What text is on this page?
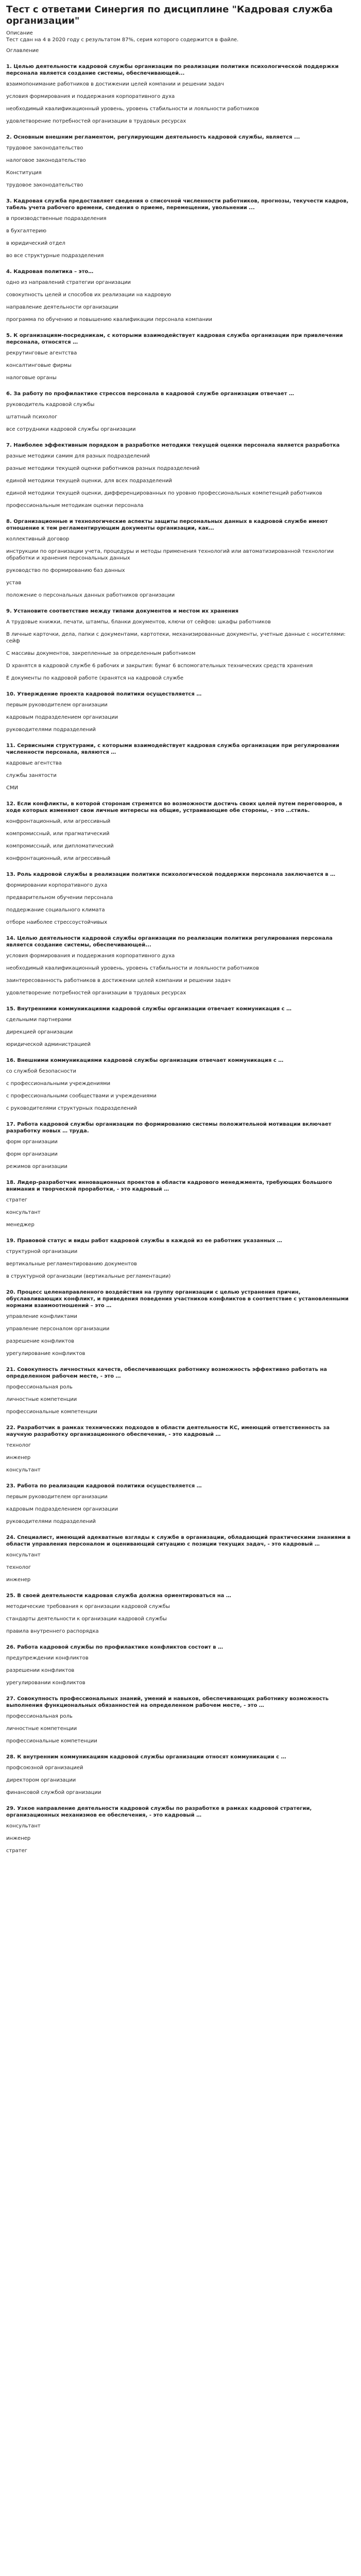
Тест с ответами Синергия по дисциплине "Кадровая служба организации"

Описание

Тест сдан на 4 в 2020 году с результатом 87%, серия которого содержится в файле.

Оглавление

1. Целью деятельности кадровой службы организации по реализации политики психологической поддержки персонала является создание системы, обеспечивающей...

взаимопонимание работников в достижении целей компании и решении задач

условия формирования и поддержания корпоративного духа

необходимый квалификационный уровень, уровень стабильности и лояльности работников

удовлетворение потребностей организации в трудовых ресурсах

2. Основным внешним регламентом, регулирующим деятельность кадровой службы, является ...

трудовое законодательство

налоговое законодательство

Конституция

трудовое законодательство

3. Кадровая служба предоставляет сведения о списочной численности работников, прогнозы, текучести кадров, табель учета рабочего времени, сведения о приеме, перемещении, увольнении ...

в производственные подразделения

в бухгалтерию

в юридический отдел

во все структурные подразделения

4. Кадровая политика – это…

одно из направлений стратегии организации

совокупность целей и способов их реализации на кадровую

направление деятельности организации

программа по обучению и повышению квалификации персонала компании

5. К организациям-посредникам, с которыми взаимодействует кадровая служба организации при привлечении персонала, относятся …

рекрутинговые агентства

консалтинговые фирмы

налоговые органы

6. За работу по профилактике стрессов персонала в кадровой службе организации отвечает …

руководитель кадровой службы

штатный психолог

все сотрудники кадровой службы организации

7. Наиболее эффективным порядком в разработке методики текущей оценки персонала является разработка

разные методики самим для разных подразделений

разные методики текущей оценки работников разных подразделений

единой методики текущей оценки, для всех подразделений

единой методики текущей оценки, дифференцированных по уровню профессиональных компетенций работников

профессиональным методикам оценки персонала

8. Организационные и технологические аспекты защиты персональных данных в кадровой службе имеют отношение к тем регламентирующим документы организации, как…

коллективный договор

инструкции по организации учета, процедуры и методы применения технологий или автоматизированной технологии обработки и хранения персональных данных

руководство по формированию баз данных

устав

положение о персональных данных работников организации

9. Установите соответствие между типами документов и местом их хранения

A трудовые книжки, печати, штампы, бланки документов, ключи от сейфов: шкафы работников

B личные карточки, дела, папки с документами, картотеки, механизированные документы, учетные данные с носителями: сейф

C массивы документов, закрепленные за определенным работником

D хранятся в кадровой службе 6 рабочих и закрытия: бумаг 6 вспомогательных технических средств хранения

E документы по кадровой работе (хранятся на кадровой службе

10. Утверждение проекта кадровой политики осуществляется …

первым руководителем организации

кадровым подразделением организации

руководителями подразделений

11. Сервисными структурами, с которыми взаимодействует кадровая служба организации при регулировании численности персонала, являются …

кадровые агентства

службы занятости

СМИ

12. Если конфликты, в которой сторонам стремятся во возможности достичь своих целей путем переговоров, в ходе которых изменяют свои личные интересы на общие, устраивающие обе стороны, - это …стиль.

конфронтационный, или агрессивный

компромиссный, или прагматический

компромиссный, или дипломатический

конфронтационный, или агрессивный

13. Роль кадровой службы в реализации политики психологической поддержки персонала заключается в …

формировании корпоративного духа

предварительном обучении персонала

поддержание социального климата

отборе наиболее стрессоустойчивых

14. Целью деятельности кадровой службы организации по реализации политики регулирования персонала является создание системы, обеспечивающей...

условия формирования и поддержания корпоративного духа

необходимый квалификационный уровень, уровень стабильности и лояльности работников

заинтересованность работников в достижении целей компании и решении задач

удовлетворение потребностей организации в трудовых ресурсах

15. Внутренними коммуникациями кадровой службы организации отвечает коммуникация с …

сдельными партнерами

дирекцией организации

юридической администрацией

16. Внешними коммуникациями кадровой службы организации отвечает коммуникация с …

со службой безопасности

с профессиональными учреждениями

с профессиональными сообществами и учреждениями

с руководителями структурных подразделений

17. Работа кадровой службы организации по формированию системы положительной мотивации включает разработку новых … труда.

форм организации

форм организации

режимов организации

18. Лидер-разработчик инновационных проектов в области кадрового менеджмента, требующих большого внимания и творческой проработки, - это кадровый …

стратег

консультант

менеджер

19. Правовой статус и виды работ кадровой службы в каждой из ее работник указанных …

структурной организации

вертикальные регламентированию документов

в структурной организации (вертикальные регламентации)

20. Процесс целенаправленного воздействия на группу организации с целью устранения причин, обуславливающих конфликт, и приведения поведения участников конфликтов в соответствие с установленными нормами взаимоотношений – это …

управление конфликтами

управление персоналом организации

разрешение конфликтов

урегулирование конфликтов

21. Совокупность личностных качеств, обеспечивающих работнику возможность эффективно работать на определенном рабочем месте, - это …

профессиональная роль

личностные компетенции

профессиональные компетенции

22. Разработчик в рамках технических подходов в области деятельности КС, имеющий ответственность за научную разработку организационного обеспечения, - это кадровый …

технолог

инженер

консультант

23. Работа по реализации кадровой политики осуществляется …

первым руководителем организации

кадровым подразделением организации

руководителями подразделений

24. Специалист, имеющий адекватные взгляды к службе в организации, обладающий практическими знаниями в области управления персоналом и оценивающий ситуацию с позиции текущих задач, - это кадровый …

консультант

технолог

инженер

25. В своей деятельности кадровая служба должна ориентироваться на …

методические требования к организации кадровой службы

стандарты деятельности к организации кадровой службы

правила внутреннего распорядка

26. Работа кадровой службы по профилактике конфликтов состоит в …

предупреждении конфликтов

разрешении конфликтов

урегулировании конфликтов

27. Совокупность профессиональных знаний, умений и навыков, обеспечивающих работнику возможность выполнения функциональных обязанностей на определенном рабочем месте, - это …

профессиональная роль

личностные компетенции

профессиональные компетенции

28. К внутренним коммуникациям кадровой службы организации относят коммуникации с …

профсоюзной организацией

директором организации

финансовой службой организации

29. Узкое направление деятельности кадровой службы по разработке в рамках кадровой стратегии, организационных механизмов ее обеспечения, - это кадровый …

консультант

инженер

стратег
